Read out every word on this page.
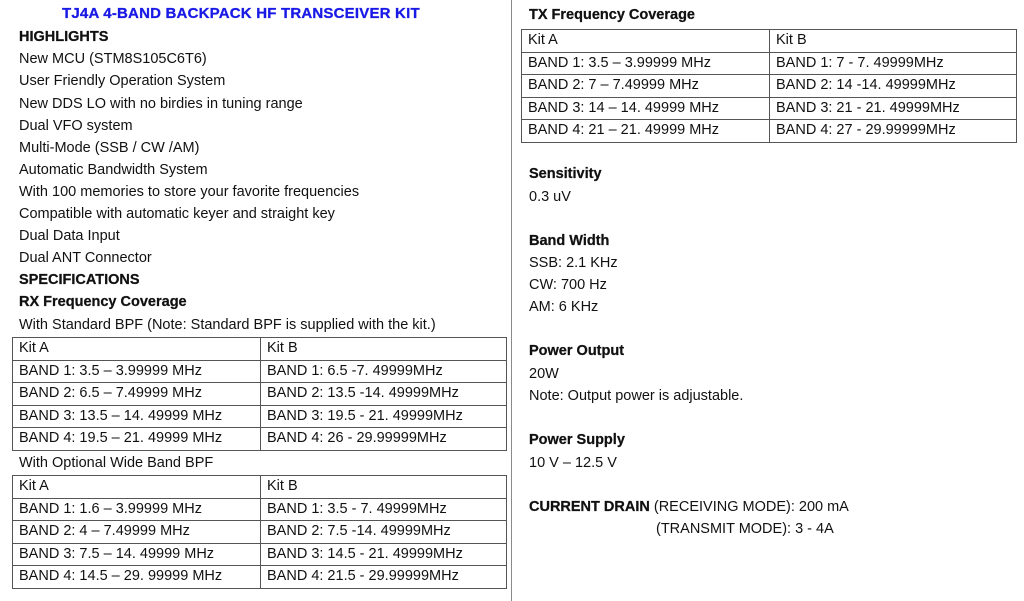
TJ4A 4-BAND BACKPACK HF TRANSCEIVER KIT
HIGHLIGHTS
New MCU (STM8S105C6T6)
User Friendly Operation System
New DDS LO with no birdies in tuning range
Dual VFO system
Multi-Mode (SSB / CW /AM)
Automatic Bandwidth System
With 100 memories to store your favorite frequencies
Compatible with automatic keyer and straight key
Dual Data Input
Dual ANT Connector
SPECIFICATIONS
RX Frequency Coverage
With Standard BPF (Note: Standard BPF is supplied with the kit.)
Kit A	Kit B
BAND 1: 3.5 – 3.99999 MHz	BAND 1: 6.5 -7. 49999MHz
BAND 2: 6.5 – 7.49999 MHz	BAND 2: 13.5 -14. 49999MHz
BAND 3: 13.5 – 14. 49999 MHz	BAND 3: 19.5 - 21. 49999MHz
BAND 4: 19.5 – 21. 49999 MHz	BAND 4: 26 - 29.99999MHz
With Optional Wide Band BPF
Kit A	Kit B
BAND 1: 1.6 – 3.99999 MHz	BAND 1: 3.5 - 7. 49999MHz
BAND 2: 4 – 7.49999 MHz	BAND 2: 7.5 -14. 49999MHz
BAND 3: 7.5 – 14. 49999 MHz	BAND 3: 14.5 - 21. 49999MHz
BAND 4: 14.5 – 29. 99999 MHz	BAND 4: 21.5 - 29.99999MHz
TX Frequency Coverage
Kit A	Kit B
BAND 1: 3.5 – 3.99999 MHz	BAND 1: 7 - 7. 49999MHz
BAND 2: 7 – 7.49999 MHz	BAND 2: 14 -14. 49999MHz
BAND 3: 14 – 14. 49999 MHz	BAND 3: 21 - 21. 49999MHz
BAND 4: 21 – 21. 49999 MHz	BAND 4: 27 - 29.99999MHz
Sensitivity
0.3 uV
Band Width
SSB: 2.1 KHz
CW: 700 Hz
AM: 6 KHz
Power Output
20W
Note: Output power is adjustable.
Power Supply
10 V – 12.5 V
CURRENT DRAIN (RECEIVING MODE): 200 mA
(TRANSMIT MODE): 3 - 4A
